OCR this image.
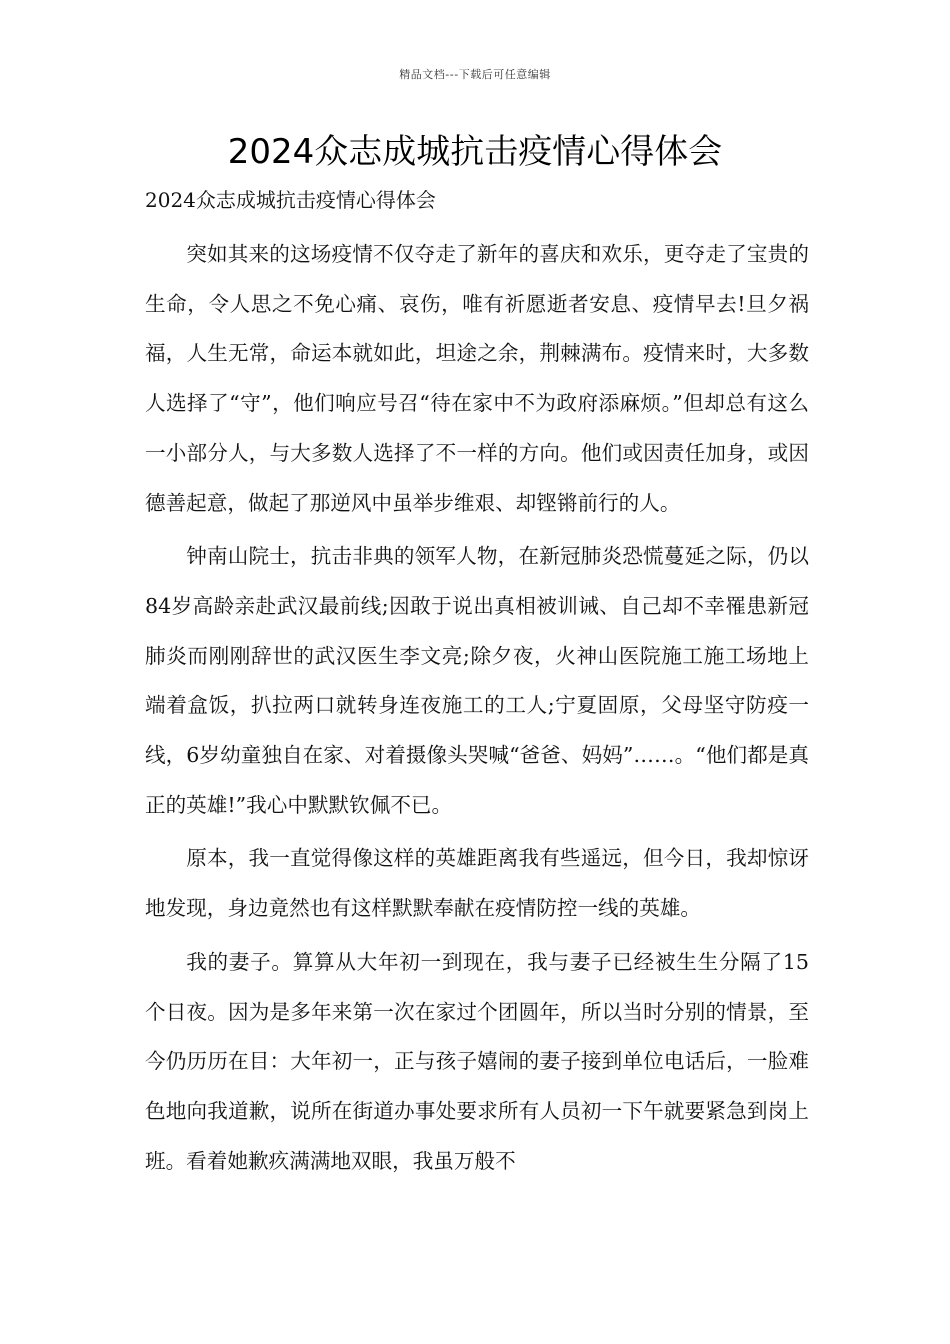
精品文档---下载后可任意编辑
2024众志成城抗击疫情心得体会
2024众志成城抗击疫情心得体会

突如其来的这场疫情不仅夺走了新年的喜庆和欢乐，更夺走了宝贵的生命，令人思之不免心痛、哀伤，唯有祈愿逝者安息、疫情早去!旦夕祸福，人生无常，命运本就如此，坦途之余，荆棘满布。疫情来时，大多数人选择了“守”，他们响应号召“待在家中不为政府添麻烦。”但却总有这么一小部分人，与大多数人选择了不一样的方向。他们或因责任加身，或因德善起意，做起了那逆风中虽举步维艰、却铿锵前行的人。

钟南山院士，抗击非典的领军人物，在新冠肺炎恐慌蔓延之际，仍以84岁高龄亲赴武汉最前线;因敢于说出真相被训诫、自己却不幸罹患新冠肺炎而刚刚辞世的武汉医生李文亮;除夕夜，火神山医院施工施工场地上端着盒饭，扒拉两口就转身连夜施工的工人;宁夏固原，父母坚守防疫一线，6岁幼童独自在家、对着摄像头哭喊“爸爸、妈妈”……。“他们都是真正的英雄!”我心中默默钦佩不已。

原本，我一直觉得像这样的英雄距离我有些遥远，但今日，我却惊讶地发现，身边竟然也有这样默默奉献在疫情防控一线的英雄。

我的妻子。算算从大年初一到现在，我与妻子已经被生生分隔了15个日夜。因为是多年来第一次在家过个团圆年，所以当时分别的情景，至今仍历历在目：大年初一，正与孩子嬉闹的妻子接到单位电话后，一脸难色地向我道歉，说所在街道办事处要求所有人员初一下午就要紧急到岗上班。看着她歉疚满满地双眼，我虽万般不
